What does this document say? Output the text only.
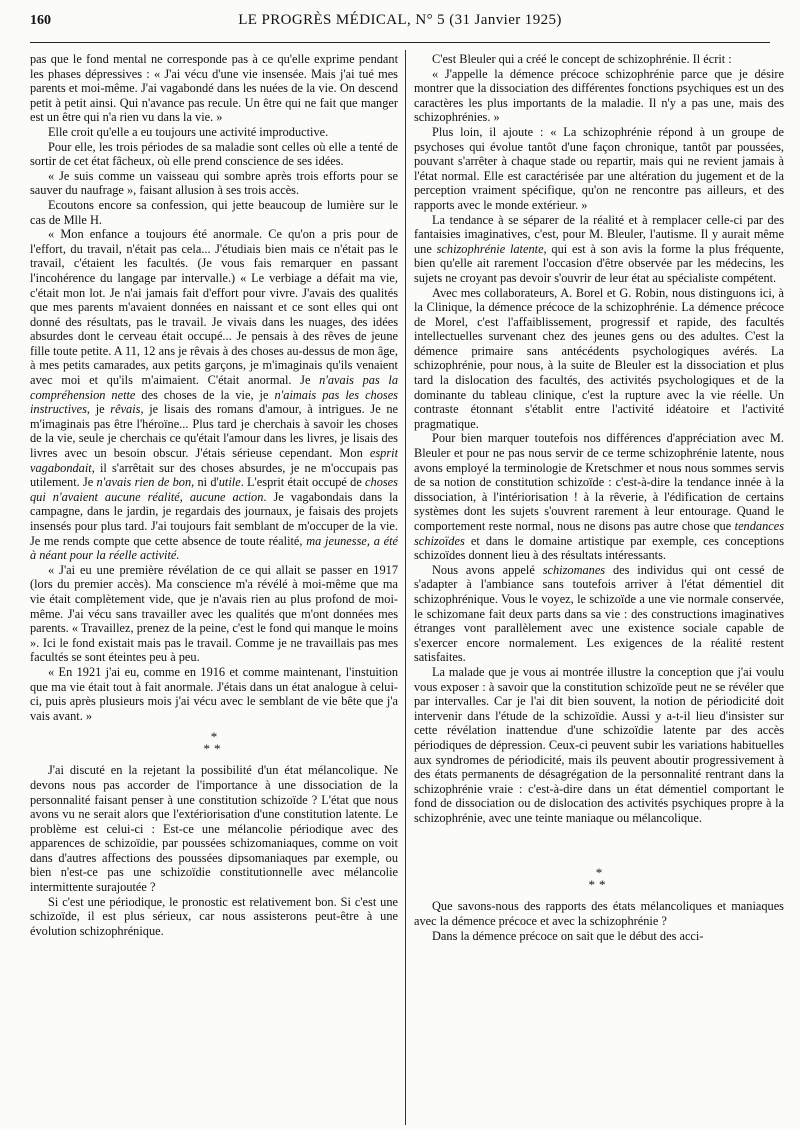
160	LE PROGRÈS MÉDICAL, N° 5 (31 Janvier 1925)

pas que le fond mental ne corresponde pas à ce qu'elle exprime pendant les phases dépressives : « J'ai vécu d'une vie insensée. Mais j'ai tué mes parents et moi-même. J'ai vagabondé dans les nuées de la vie. On descend petit à petit ainsi. Qui n'avance pas recule. Un être qui ne fait que manger est un être qui n'a rien vu dans la vie. »

Elle croit qu'elle a eu toujours une activité improductive.

Pour elle, les trois périodes de sa maladie sont celles où elle a tenté de sortir de cet état fâcheux, où elle prend conscience de ses idées.

« Je suis comme un vaisseau qui sombre après trois efforts pour se sauver du naufrage », faisant allusion à ses trois accès.

Ecoutons encore sa confession, qui jette beaucoup de lumière sur le cas de Mlle H.

« Mon enfance a toujours été anormale. Ce qu'on a pris pour de l'effort, du travail, n'était pas cela... J'étudiais bien mais ce n'était pas le travail, c'étaient les facultés. (Je vous fais remarquer en passant l'incohérence du langage par intervalle.) « Le verbiage a défait ma vie, c'était mon lot. Je n'ai jamais fait d'effort pour vivre. J'avais des qualités que mes parents m'avaient données en naissant et ce sont elles qui ont donné des résultats, pas le travail. Je vivais dans les nuages, des idées absurdes dont le cerveau était occupé... Je pensais à des rêves de jeune fille toute petite. A 11, 12 ans je rêvais à des choses au-dessus de mon âge, à mes petits camarades, aux petits garçons, je m'imaginais qu'ils venaient avec moi et qu'ils m'aimaient. C'était anormal. Je n'avais pas la compréhension nette des choses de la vie, je n'aimais pas les choses instructives, je rêvais, je lisais des romans d'amour, à intrigues. Je ne m'imaginais pas être l'héroïne... Plus tard je cherchais à savoir les choses de la vie, seule je cherchais ce qu'était l'amour dans les livres, je lisais des livres avec un besoin obscur. J'étais sérieuse cependant. Mon esprit vagabondait, il s'arrêtait sur des choses absurdes, je ne m'occupais pas utilement. Je n'avais rien de bon, ni d'utile. L'esprit était occupé de choses qui n'avaient aucune réalité, aucune action. Je vagabondais dans la campagne, dans le jardin, je regardais des journaux, je faisais des projets insensés pour plus tard. J'ai toujours fait semblant de m'occuper de la vie. Je me rends compte que cette absence de toute réalité, ma jeunesse, a été à néant pour la réelle activité.

« J'ai eu une première révélation de ce qui allait se passer en 1917 (lors du premier accès). Ma conscience m'a révélé à moi-même que ma vie était complètement vide, que je n'avais rien au plus profond de moi-même. J'ai vécu sans travailler avec les qualités que m'ont données mes parents. « Travaillez, prenez de la peine, c'est le fond qui manque le moins ». Ici le fond existait mais pas le travail. Comme je ne travaillais pas mes facultés se sont éteintes peu à peu.

« En 1921 j'ai eu, comme en 1916 et comme maintenant, l'instuition que ma vie était tout à fait anormale. J'étais dans un état analogue à celui-ci, puis après plusieurs mois j'ai vécu avec le semblant de vie bête que j'a vais avant. »

*
**

J'ai discuté en la rejetant la possibilité d'un état mélancolique. Ne devons nous pas accorder de l'importance à une dissociation de la personnalité faisant penser à une constitution schizoïde ? L'état que nous avons vu ne serait alors que l'extériorisation d'une constitution latente. Le problème est celui-ci : Est-ce une mélancolie périodique avec des apparences de schizoïdie, par poussées schizomaniaques, comme on voit dans d'autres affections des poussées dipsomaniaques par exemple, ou bien n'est-ce pas une schizoïdie constitutionnelle avec mélancolie intermittente surajoutée ?

Si c'est une périodique, le pronostic est relativement bon. Si c'est une schizoïde, il est plus sérieux, car nous assisterons peut-être à une évolution schizophrénique.

C'est Bleuler qui a créé le concept de schizophrénie. Il écrit :

« J'appelle la démence précoce schizophrénie parce que je désire montrer que la dissociation des différentes fonctions psychiques est un des caractères les plus importants de la maladie. Il n'y a pas une, mais des schizophrénies. »

Plus loin, il ajoute : « La schizophrénie répond à un groupe de psychoses qui évolue tantôt d'une façon chronique, tantôt par poussées, pouvant s'arrêter à chaque stade ou repartir, mais qui ne revient jamais à l'état normal. Elle est caractérisée par une altération du jugement et de la perception vraiment spécifique, qu'on ne rencontre pas ailleurs, et des rapports avec le monde extérieur. »

La tendance à se séparer de la réalité et à remplacer celle-ci par des fantaisies imaginatives, c'est, pour M. Bleuler, l'autisme. Il y aurait même une schizophrénie latente, qui est à son avis la forme la plus fréquente, bien qu'elle ait rarement l'occasion d'être observée par les médecins, les sujets ne croyant pas devoir s'ouvrir de leur état au spécialiste compétent.

Avec mes collaborateurs, A. Borel et G. Robin, nous distinguons ici, à la Clinique, la démence précoce de la schizophrénie. La démence précoce de Morel, c'est l'affaiblissement, progressif et rapide, des facultés intellectuelles survenant chez des jeunes gens ou des adultes. C'est la démence primaire sans antécédents psychologiques avérés. La schizophrénie, pour nous, à la suite de Bleuler est la dissociation et plus tard la dislocation des facultés, des activités psychologiques et de la dominante du tableau clinique, c'est la rupture avec la vie réelle. Un contraste étonnant s'établit entre l'activité idéatoire et l'activité pragmatique.

Pour bien marquer toutefois nos différences d'appréciation avec M. Bleuler et pour ne pas nous servir de ce terme schizophrénie latente, nous avons employé la terminologie de Kretschmer et nous nous sommes servis de sa notion de constitution schizoïde : c'est-à-dire la tendance innée à la dissociation, à l'intériorisation ! à la rêverie, à l'édification de certains systèmes dont les sujets s'ouvrent rarement à leur entourage. Quand le comportement reste normal, nous ne disons pas autre chose que tendances schizoïdes et dans le domaine artistique par exemple, ces conceptions schizoïdes donnent lieu à des résultats intéressants.

Nous avons appelé schizomanes des individus qui ont cessé de s'adapter à l'ambiance sans toutefois arriver à l'état démentiel dit schizophrénique. Vous le voyez, le schizoïde a une vie normale conservée, le schizomane fait deux parts dans sa vie : des constructions imaginatives étranges vont parallèlement avec une existence sociale capable de s'exercer encore normalement. Les exigences de la réalité restent satisfaites.

La malade que je vous ai montrée illustre la conception que j'ai voulu vous exposer : à savoir que la constitution schizoïde peut ne se révéler que par intervalles. Car je l'ai dit bien souvent, la notion de périodicité doit intervenir dans l'étude de la schizoïdie. Aussi y a-t-il lieu d'insister sur cette révélation inattendue d'une schizoïdie latente par des accès périodiques de dépression. Ceux-ci peuvent subir les variations habituelles aux syndromes de périodicité, mais ils peuvent aboutir progressivement à des états permanents de désagrégation de la personnalité rentrant dans la schizophrénie vraie : c'est-à-dire dans un état démentiel comportant le fond de dissociation ou de dislocation des activités psychiques propre à la schizophrénie, avec une teinte maniaque ou mélancolique.

*
**

Que savons-nous des rapports des états mélancoliques et maniaques avec la démence précoce et avec la schizophrénie ?

Dans la démence précoce on sait que le début des acci-
